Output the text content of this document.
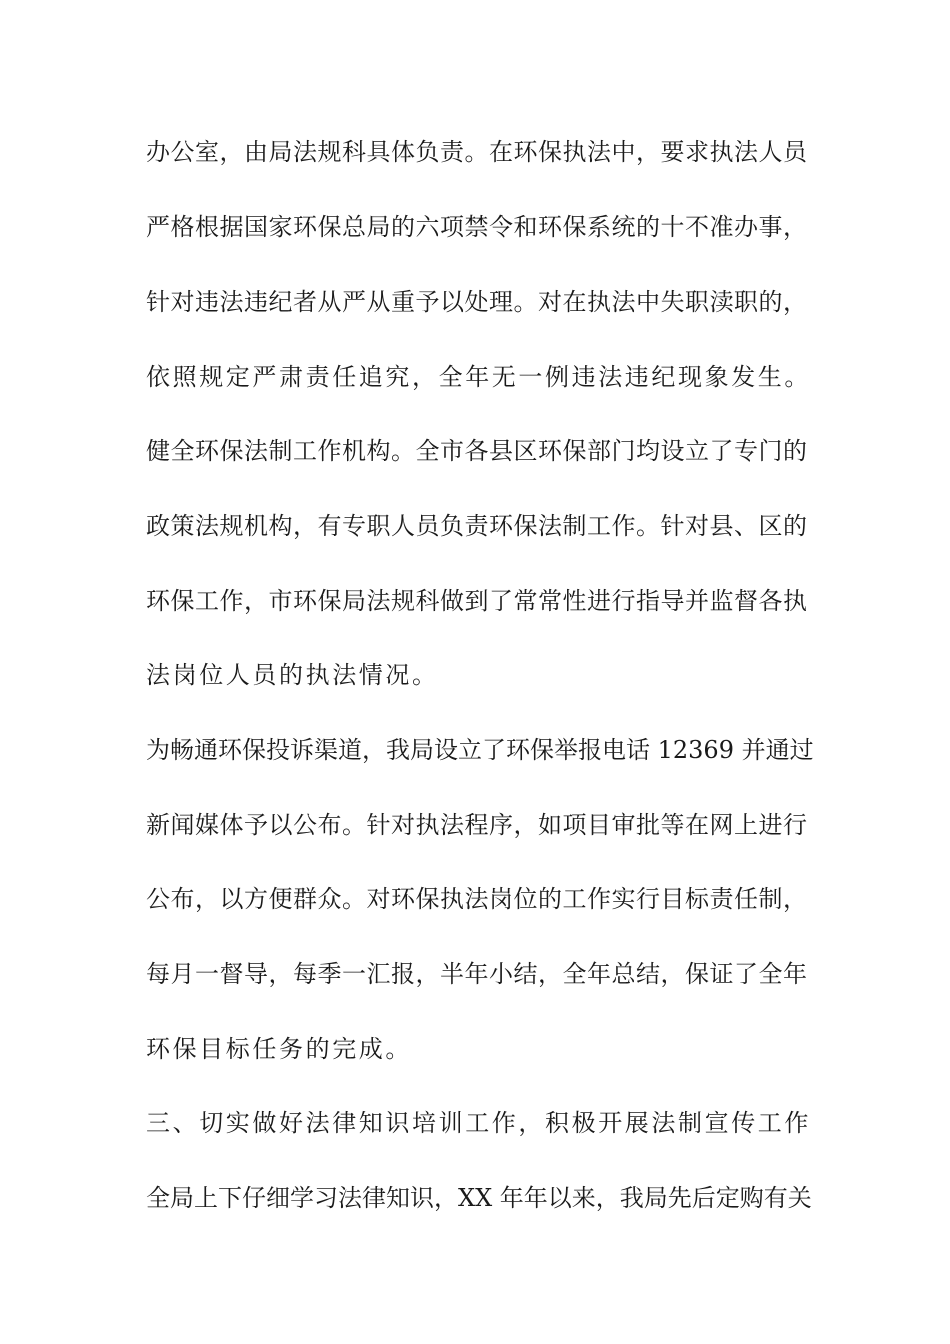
办公室，由局法规科具体负责。在环保执法中，要求执法人员
严格根据国家环保总局的六项禁令和环保系统的十不准办事，
针对违法违纪者从严从重予以处理。对在执法中失职渎职的，
依照规定严肃责任追究，全年无一例违法违纪现象发生。
健全环保法制工作机构。全市各县区环保部门均设立了专门的
政策法规机构，有专职人员负责环保法制工作。针对县、区的
环保工作，市环保局法规科做到了常常性进行指导并监督各执
法岗位人员的执法情况。
为畅通环保投诉渠道，我局设立了环保举报电话 12369 并通过
新闻媒体予以公布。针对执法程序，如项目审批等在网上进行
公布，以方便群众。对环保执法岗位的工作实行目标责任制，
每月一督导，每季一汇报，半年小结，全年总结，保证了全年
环保目标任务的完成。
三、切实做好法律知识培训工作，积极开展法制宣传工作
全局上下仔细学习法律知识，XX 年年以来，我局先后定购有关
